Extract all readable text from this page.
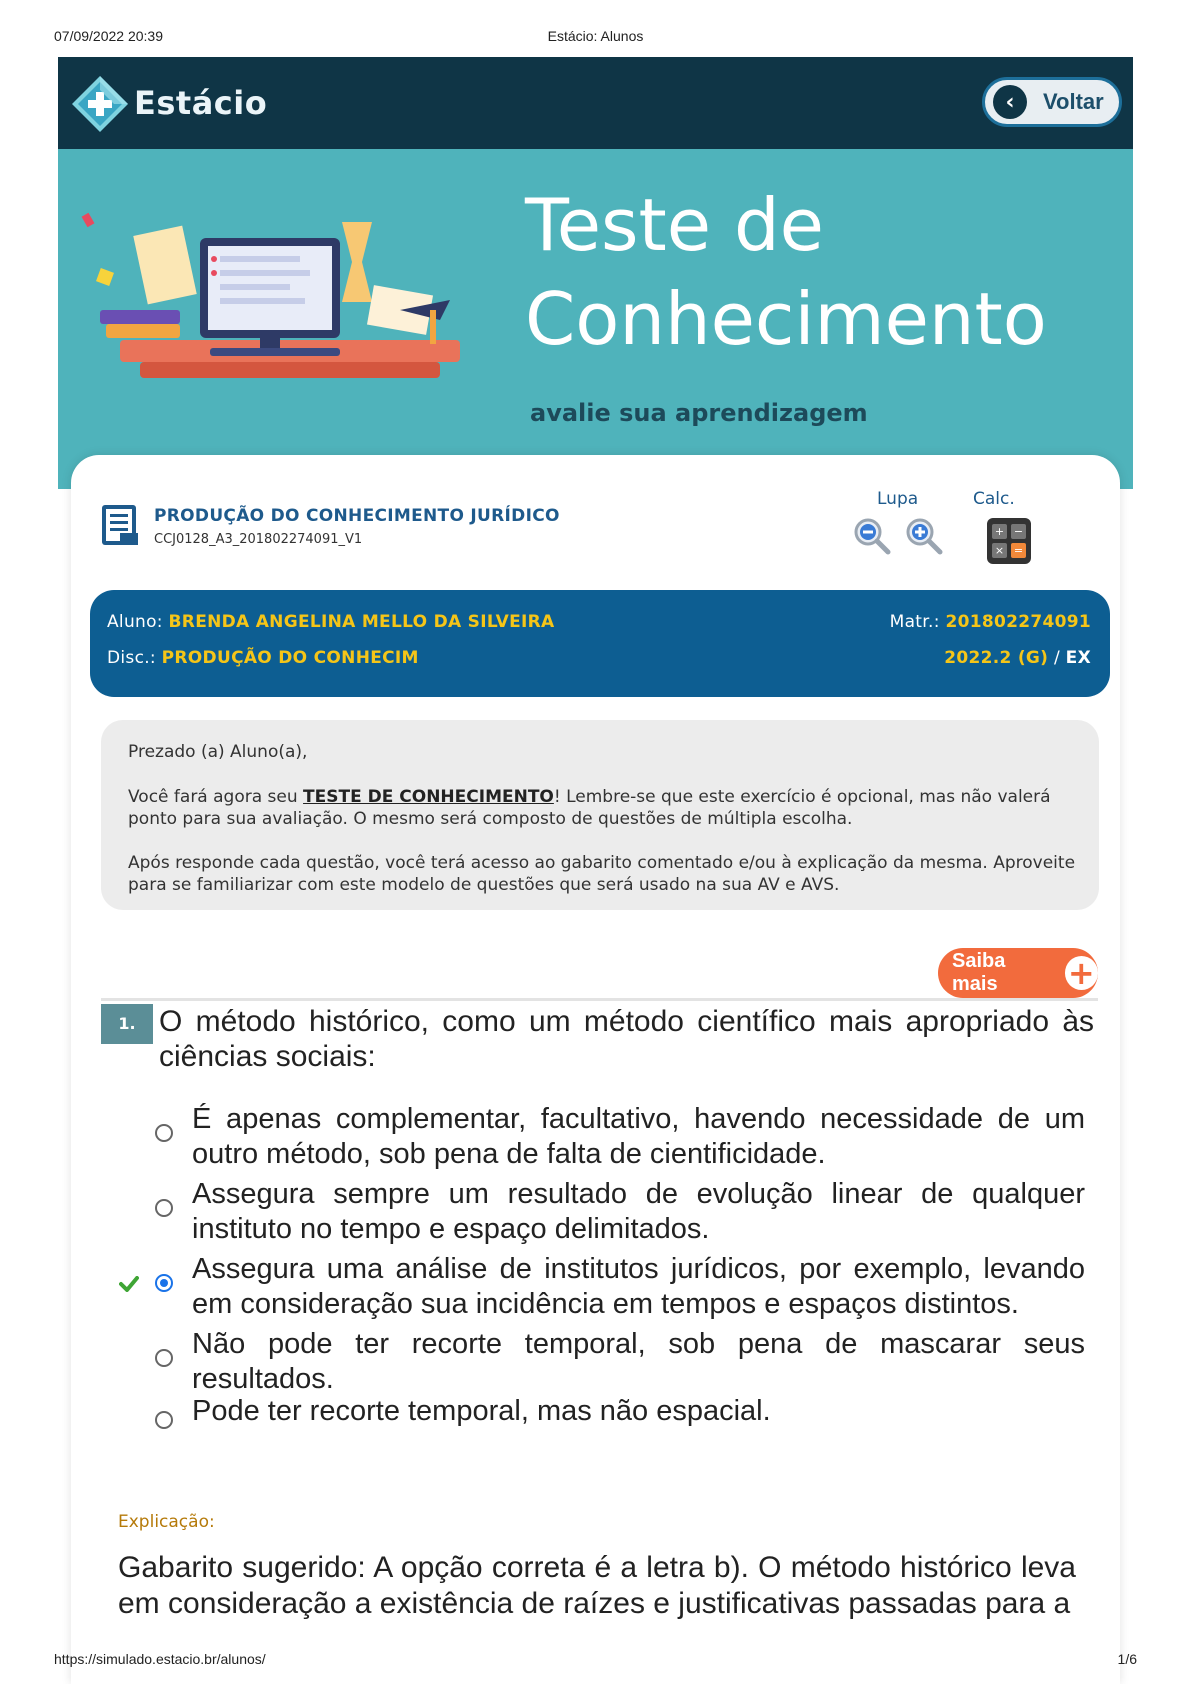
07/09/2022 20:39	Estácio: Alunos
Estácio	‹	Voltar
Teste de Conhecimento
avalie sua aprendizagem
PRODUÇÃO DO CONHECIMENTO JURÍDICO
CCJ0128_A3_201802274091_V1
Lupa	Calc.
+ −
× =
Aluno: BRENDA ANGELINA MELLO DA SILVEIRA	Matr.: 201802274091
Disc.: PRODUÇÃO DO CONHECIM	2022.2 (G) / EX

Prezado (a) Aluno(a),

Você fará agora seu TESTE DE CONHECIMENTO! Lembre-se que este exercício é opcional, mas não valerá ponto para sua avaliação. O mesmo será composto de questões de múltipla escolha.

Após responde cada questão, você terá acesso ao gabarito comentado e/ou à explicação da mesma. Aproveite para se familiarizar com este modelo de questões que será usado na sua AV e AVS.

Saiba mais	+
1. O método histórico, como um método científico mais apropriado às ciências sociais:
É apenas complementar, facultativo, havendo necessidade de um outro método, sob pena de falta de cientificidade.
Assegura sempre um resultado de evolução linear de qualquer instituto no tempo e espaço delimitados.
Assegura uma análise de institutos jurídicos, por exemplo, levando em consideração sua incidência em tempos e espaços distintos.
Não pode ter recorte temporal, sob pena de mascarar seus resultados.
Pode ter recorte temporal, mas não espacial.
Explicação:
Gabarito sugerido: A opção correta é a letra b). O método histórico leva em consideração a existência de raízes e justificativas passadas para a
https://simulado.estacio.br/alunos/	1/6
